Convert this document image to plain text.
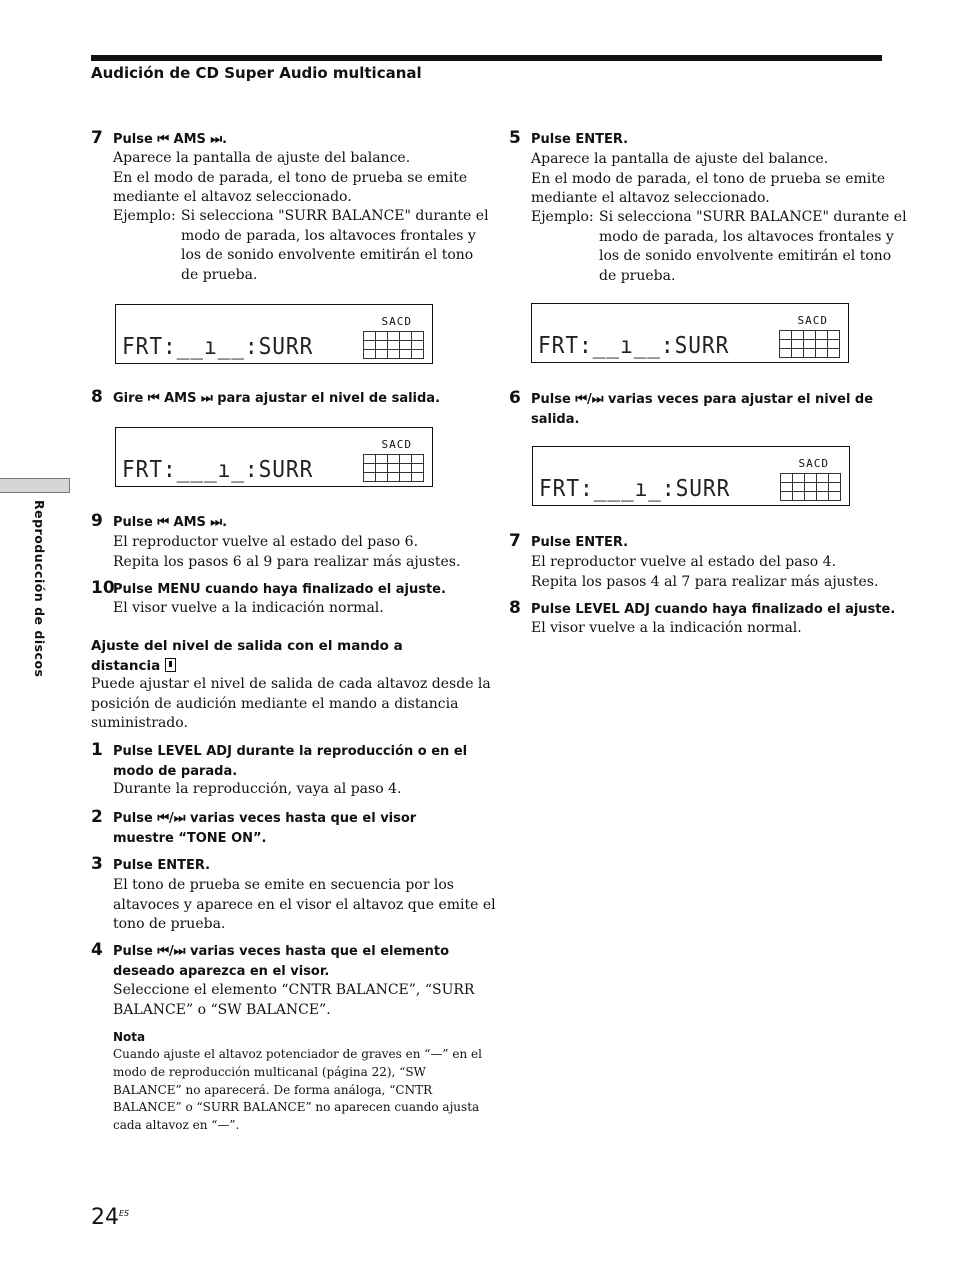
Audición de CD Super Audio multicanal
Reproducción de discos
7 Pulse ⏮ AMS ⏭.
Aparece la pantalla de ajuste del balance.
En el modo de parada, el tono de prueba se emite
mediante el altavoz seleccionado.
Ejemplo: Si selecciona "SURR BALANCE" durante el
modo de parada, los altavoces frontales y
los de sonido envolvente emitirán el tono
de prueba.
SACD
FRT:__ı__:SURR
8 Gire ⏮ AMS ⏭ para ajustar el nivel de salida.
SACD
FRT:___ı_:SURR
9 Pulse ⏮ AMS ⏭.
El reproductor vuelve al estado del paso 6.
Repita los pasos 6 al 9 para realizar más ajustes.
10
Pulse MENU cuando haya finalizado el ajuste.
El visor vuelve a la indicación normal.
Ajuste del nivel de salida con el mando a
distancia
Puede ajustar el nivel de salida de cada altavoz desde la
posición de audición mediante el mando a distancia
suministrado.
1 Pulse LEVEL ADJ durante la reproducción o en el
modo de parada.
Durante la reproducción, vaya al paso 4.
2 Pulse ⏮/⏭ varias veces hasta que el visor
muestre “TONE ON”.
3 Pulse ENTER.
El tono de prueba se emite en secuencia por los
altavoces y aparece en el visor el altavoz que emite el
tono de prueba.
4 Pulse ⏮/⏭ varias veces hasta que el elemento
deseado aparezca en el visor.
Seleccione el elemento “CNTR BALANCE”, “SURR
BALANCE” o “SW BALANCE”.
Nota
Cuando ajuste el altavoz potenciador de graves en “—” en el
modo de reproducción multicanal (página 22), “SW
BALANCE” no aparecerá. De forma análoga, “CNTR
BALANCE” o “SURR BALANCE” no aparecen cuando ajusta
cada altavoz en “—”.
5 Pulse ENTER.
Aparece la pantalla de ajuste del balance.
En el modo de parada, el tono de prueba se emite
mediante el altavoz seleccionado.
Ejemplo: Si selecciona "SURR BALANCE" durante el
modo de parada, los altavoces frontales y
los de sonido envolvente emitirán el tono
de prueba.
SACD
FRT:__ı__:SURR
6 Pulse ⏮/⏭ varias veces para ajustar el nivel de
salida.
SACD
FRT:___ı_:SURR
7 Pulse ENTER.
El reproductor vuelve al estado del paso 4.
Repita los pasos 4 al 7 para realizar más ajustes.
8 Pulse LEVEL ADJ cuando haya finalizado el ajuste.
El visor vuelve a la indicación normal.
$24^{ES}$
